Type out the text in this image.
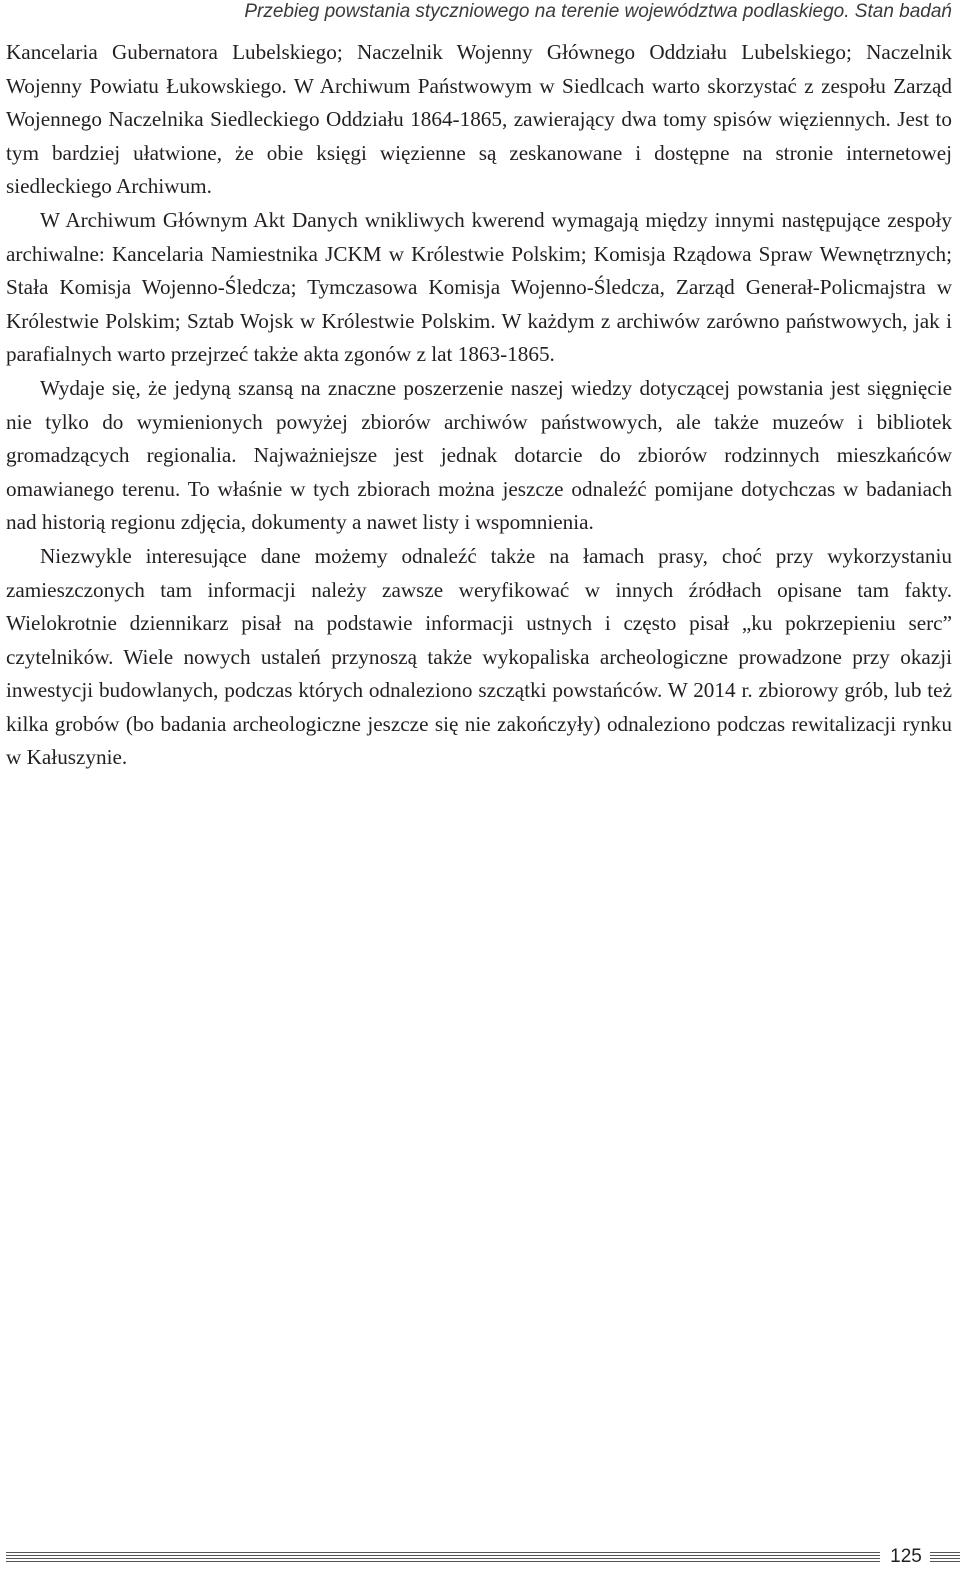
Przebieg powstania styczniowego na terenie województwa podlaskiego. Stan badań

Kancelaria Gubernatora Lubelskiego; Naczelnik Wojenny Głównego Oddziału Lubelskiego; Naczelnik Wojenny Powiatu Łukowskiego. W Archiwum Państwowym w Siedlcach warto skorzystać z zespołu Zarząd Wojennego Naczelnika Siedleckiego Oddziału 1864-1865, zawierający dwa tomy spisów więziennych. Jest to tym bardziej ułatwione, że obie księgi więzienne są zeskanowane i dostępne na stronie internetowej siedleckiego Archiwum.

W Archiwum Głównym Akt Danych wnikliwych kwerend wymagają między innymi następujące zespoły archiwalne: Kancelaria Namiestnika JCKM w Królestwie Polskim; Komisja Rządowa Spraw Wewnętrznych; Stała Komisja Wojenno-Śledcza; Tymczasowa Komisja Wojenno-Śledcza, Zarząd Generał-Policmajstra w Królestwie Polskim; Sztab Wojsk w Królestwie Polskim. W każdym z archiwów zarówno państwowych, jak i parafialnych warto przejrzeć także akta zgonów z lat 1863-1865.

Wydaje się, że jedyną szansą na znaczne poszerzenie naszej wiedzy dotyczącej powstania jest sięgnięcie nie tylko do wymienionych powyżej zbiorów archiwów państwowych, ale także muzeów i bibliotek gromadzących regionalia. Najważniejsze jest jednak dotarcie do zbiorów rodzinnych mieszkańców omawianego terenu. To właśnie w tych zbiorach można jeszcze odnaleźć pomijane dotychczas w badaniach nad historią regionu zdjęcia, dokumenty a nawet listy i wspomnienia.

Niezwykle interesujące dane możemy odnaleźć także na łamach prasy, choć przy wykorzystaniu zamieszczonych tam informacji należy zawsze weryfikować w innych źródłach opisane tam fakty. Wielokrotnie dziennikarz pisał na podstawie informacji ustnych i często pisał „ku pokrzepieniu serc” czytelników. Wiele nowych ustaleń przynoszą także wykopaliska archeologiczne prowadzone przy okazji inwestycji budowlanych, podczas których odnaleziono szczątki powstańców. W 2014 r. zbiorowy grób, lub też kilka grobów (bo badania archeologiczne jeszcze się nie zakończyły) odnaleziono podczas rewitalizacji rynku w Kałuszynie.

125
